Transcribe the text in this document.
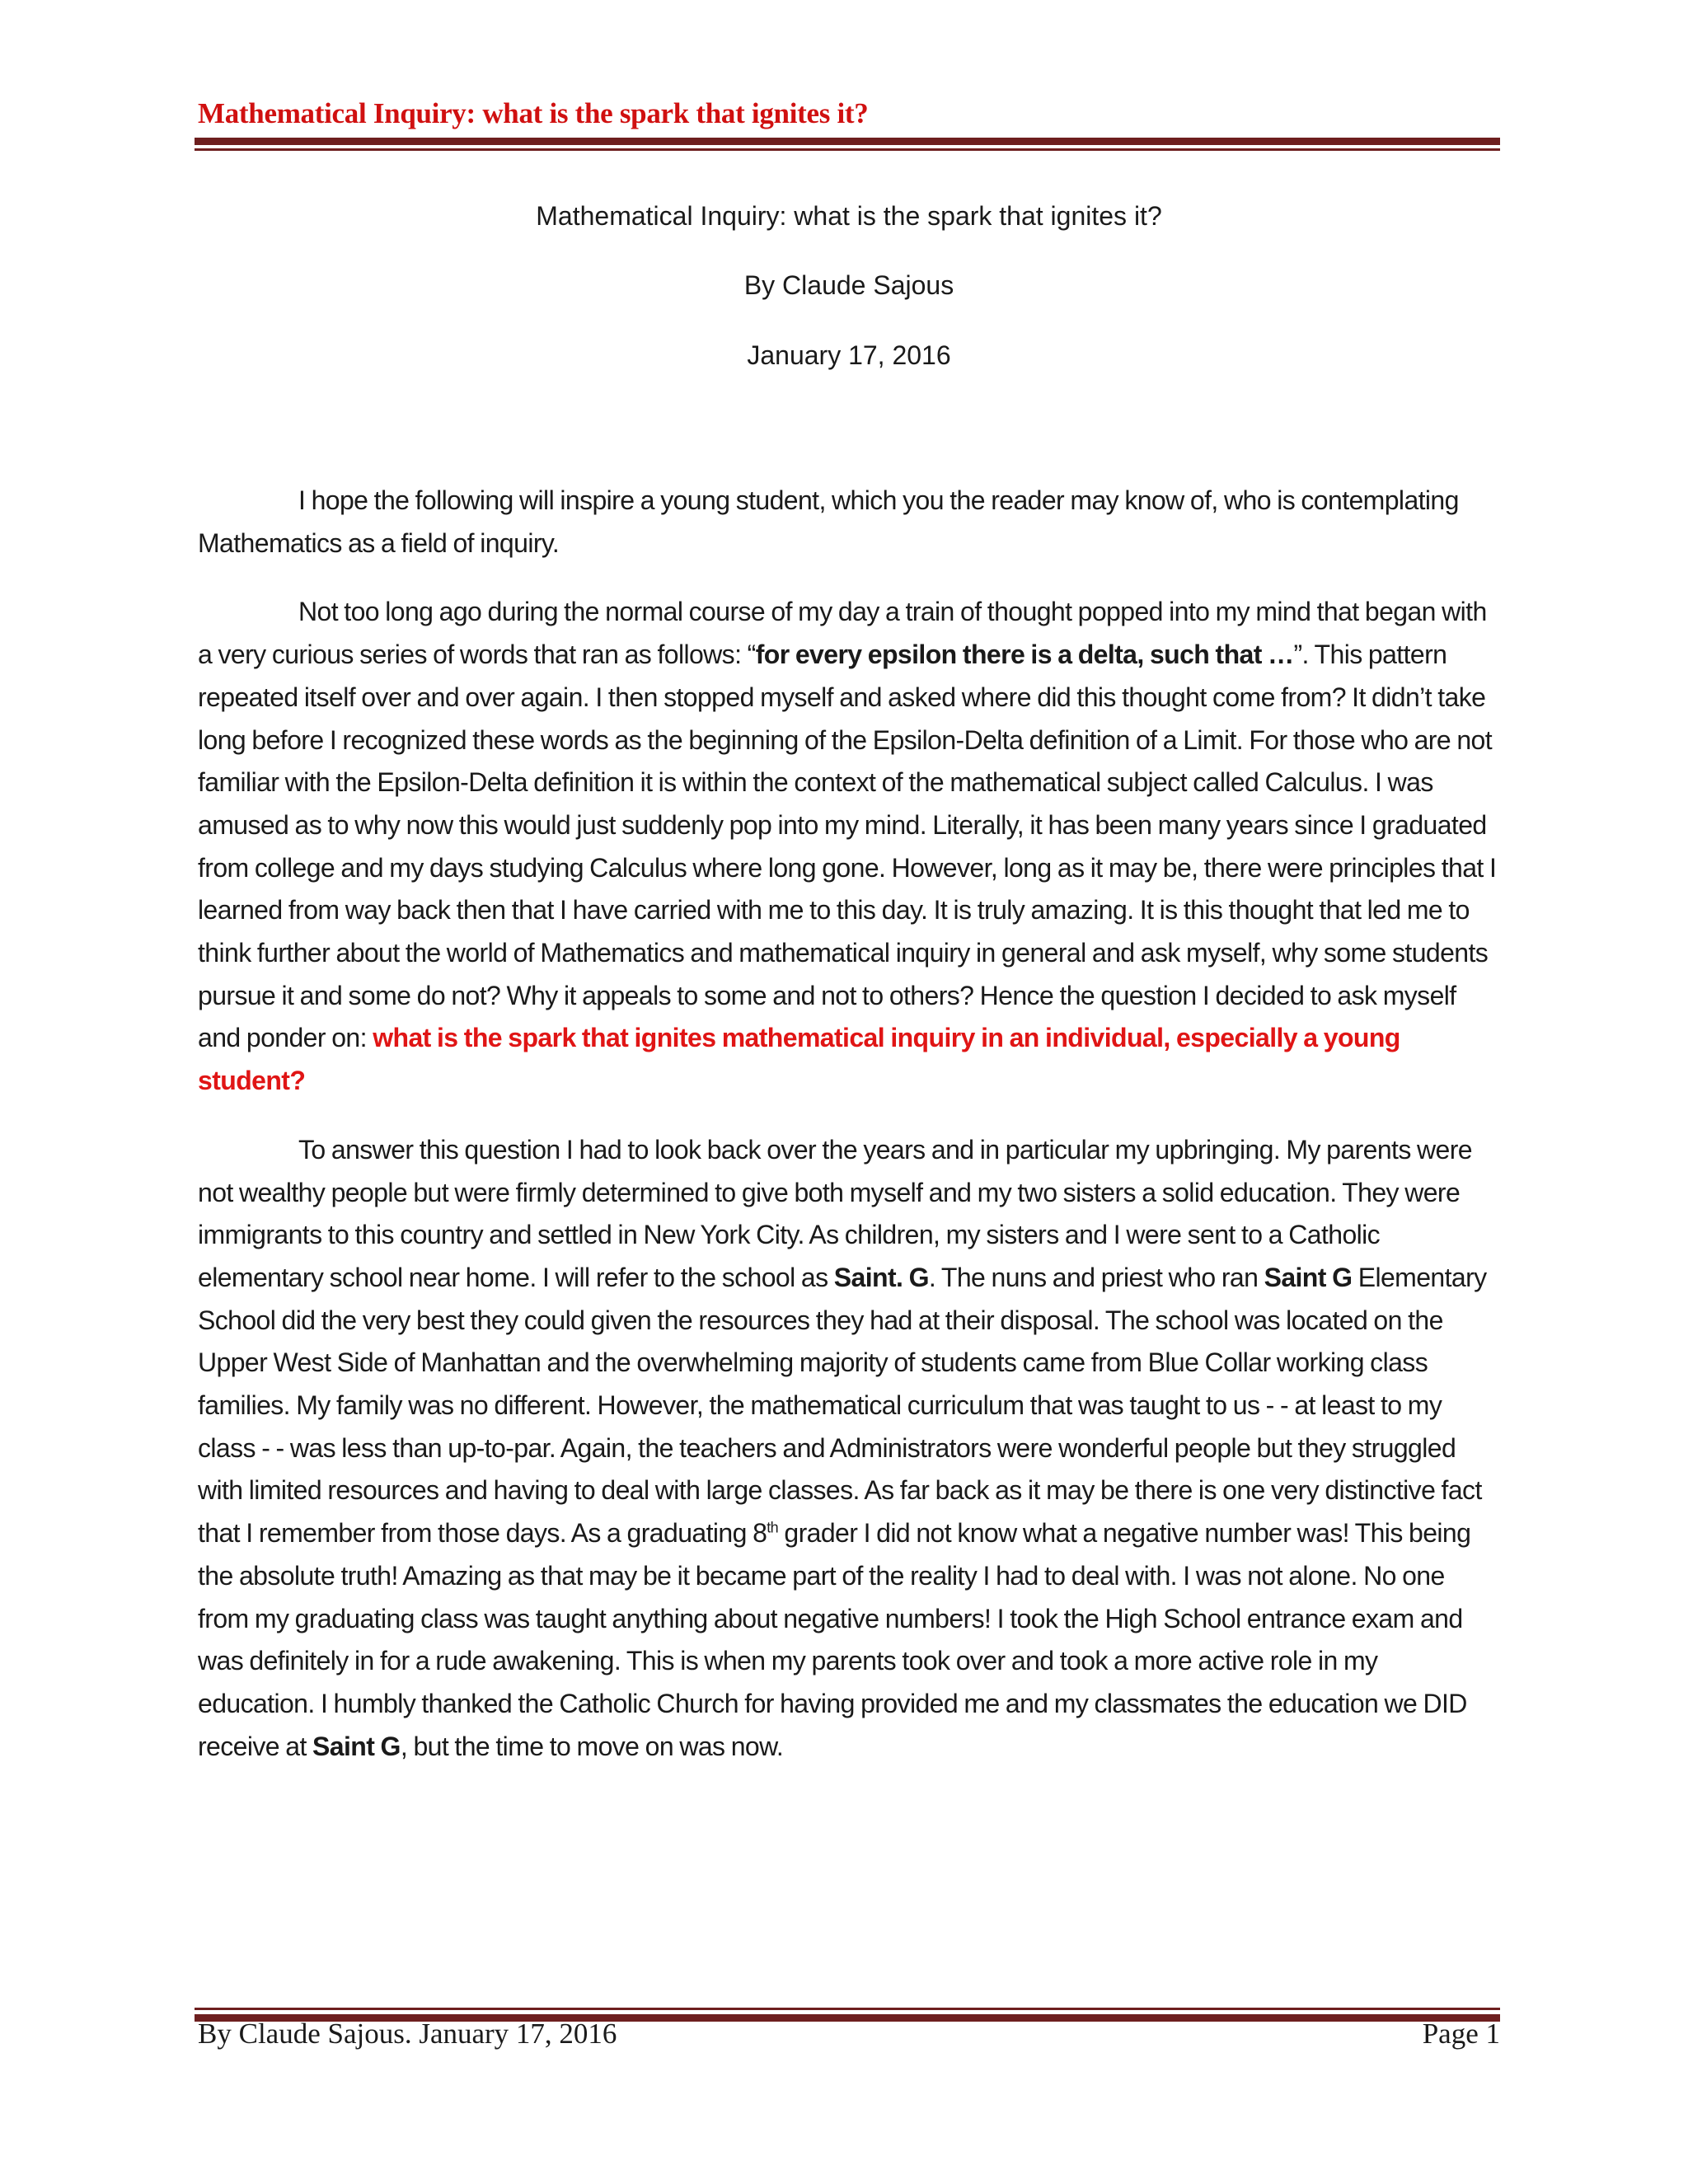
Mathematical Inquiry: what is the spark that ignites it?
Mathematical Inquiry: what is the spark that ignites it?
By Claude Sajous
January 17, 2016

I hope the following will inspire a young student, which you the reader may know of, who is contemplating Mathematics as a field of inquiry.

Not too long ago during the normal course of my day a train of thought popped into my mind that began with a very curious series of words that ran as follows: “for every epsilon there is a delta, such that …”. This pattern repeated itself over and over again. I then stopped myself and asked where did this thought come from? It didn’t take long before I recognized these words as the beginning of the Epsilon-Delta definition of a Limit. For those who are not familiar with the Epsilon-Delta definition it is within the context of the mathematical subject called Calculus. I was amused as to why now this would just suddenly pop into my mind. Literally, it has been many years since I graduated from college and my days studying Calculus where long gone. However, long as it may be, there were principles that I learned from way back then that I have carried with me to this day. It is truly amazing. It is this thought that led me to think further about the world of Mathematics and mathematical inquiry in general and ask myself, why some students pursue it and some do not? Why it appeals to some and not to others? Hence the question I decided to ask myself and ponder on: what is the spark that ignites mathematical inquiry in an individual, especially a young student?

To answer this question I had to look back over the years and in particular my upbringing. My parents were not wealthy people but were firmly determined to give both myself and my two sisters a solid education. They were immigrants to this country and settled in New York City. As children, my sisters and I were sent to a Catholic elementary school near home. I will refer to the school as Saint. G. The nuns and priest who ran Saint G Elementary School did the very best they could given the resources they had at their disposal. The school was located on the Upper West Side of Manhattan and the overwhelming majority of students came from Blue Collar working class families. My family was no different. However, the mathematical curriculum that was taught to us - - at least to my class - - was less than up-to-par. Again, the teachers and Administrators were wonderful people but they struggled with limited resources and having to deal with large classes. As far back as it may be there is one very distinctive fact that I remember from those days. As a graduating 8th grader I did not know what a negative number was! This being the absolute truth! Amazing as that may be it became part of the reality I had to deal with. I was not alone. No one from my graduating class was taught anything about negative numbers! I took the High School entrance exam and was definitely in for a rude awakening. This is when my parents took over and took a more active role in my education. I humbly thanked the Catholic Church for having provided me and my classmates the education we DID receive at Saint G, but the time to move on was now.

By Claude Sajous. January 17, 2016	Page 1
